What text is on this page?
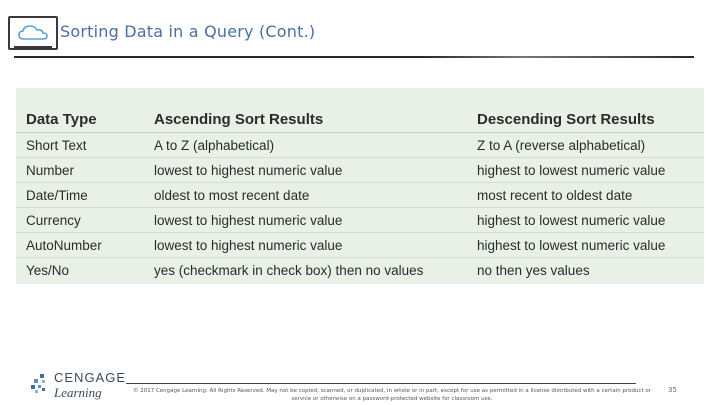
Sorting Data in a Query (Cont.)
Data Type	Ascending Sort Results	Descending Sort Results
Short Text	A to Z (alphabetical)	Z to A (reverse alphabetical)
Number	lowest to highest numeric value	highest to lowest numeric value
Date/Time	oldest to most recent date	most recent to oldest date
Currency	lowest to highest numeric value	highest to lowest numeric value
AutoNumber	lowest to highest numeric value	highest to lowest numeric value
Yes/No	yes (checkmark in check box) then no values	no then yes values
CENGAGE
Learning	© 2017 Cengage Learning. All Rights Reserved. May not be copied, scanned, or duplicated, in whole or in part, except for use as permitted in a license distributed with a certain product or service or otherwise on a password-protected website for classroom use.
35
